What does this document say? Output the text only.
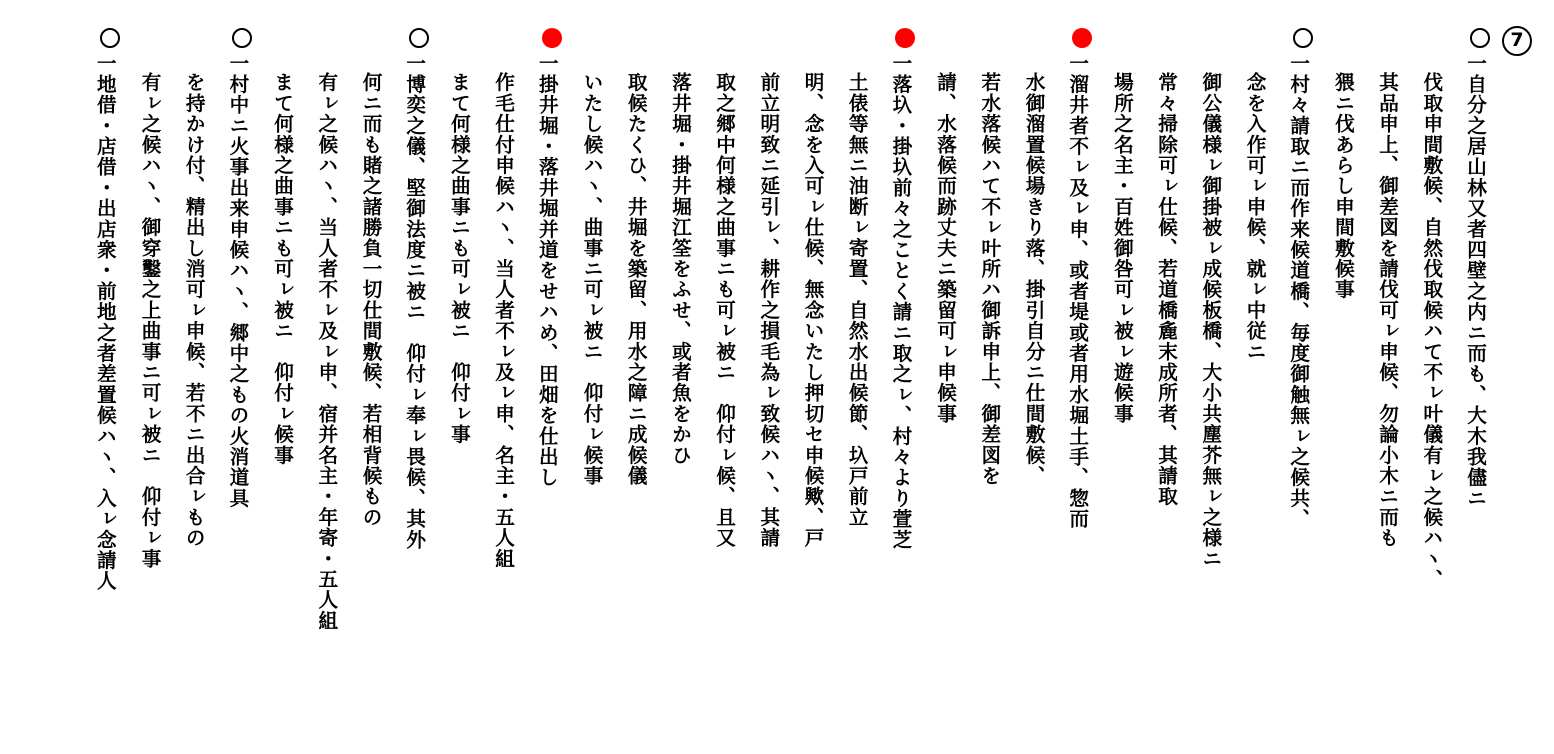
7
一自分之居山林又者四壁之内ニ而も、大木我儘ニ
伐取申間敷候、自然伐取候ハて不ㇾ叶儀有ㇾ之候ハヽ、
其品申上、御差図を請伐可ㇾ申候、勿論小木ニ而も
猥ニ伐あらし申間敷候事
一村々請取ニ而作来候道橋、毎度御触無ㇾ之候共、
念を入作可ㇾ申候、就ㇾ中従ニ
御公儀様ㇾ御掛被ㇾ成候板橋、大小共塵芥無ㇾ之様ニ
常々掃除可ㇾ仕候、若道橋麁末成所者、其請取
場所之名主・百姓御咎可ㇾ被ㇾ遊候事
一溜井者不ㇾ及ㇾ申、或者堤或者用水堀土手、惣而
水御溜置候場きり落、掛引自分ニ仕間敷候、
若水落候ハて不ㇾ叶所ハ御訴申上、御差図を
請、水落候而跡丈夫ニ築留可ㇾ申候事
一落圦・掛圦前々之ことく請ニ取之ㇾ、村々より萱芝
土俵等無ニ油断ㇾ寄置、自然水出候節、圦戸前立
明、念を入可ㇾ仕候、無念いたし押切セ申候歟、戸
前立明致ニ延引ㇾ、耕作之損毛為ㇾ致候ハヽ、其請
取之郷中何様之曲事ニも可ㇾ被ニ　仰付ㇾ候、且又
落井堀・掛井堀江筌をふせ、或者魚をかひ
取候たくひ、井堀を築留、用水之障ニ成候儀
いたし候ハヽ、曲事ニ可ㇾ被ニ　仰付ㇾ候事
一掛井堀・落井堀并道をせハめ、田畑を仕出し
作毛仕付申候ハヽ、当人者不ㇾ及ㇾ申、名主・五人組
まて何様之曲事ニも可ㇾ被ニ　仰付ㇾ事
一博奕之儀、堅御法度ニ被ニ　仰付ㇾ奉ㇾ畏候、其外
何ニ而も賭之諸勝負一切仕間敷候、若相背候もの
有ㇾ之候ハヽ、当人者不ㇾ及ㇾ申、宿并名主・年寄・五人組
まて何様之曲事ニも可ㇾ被ニ　仰付ㇾ候事
一村中ニ火事出来申候ハヽ、郷中之もの火消道具
を持かけ付、精出し消可ㇾ申候、若不ニ出合ㇾもの
有ㇾ之候ハヽ、御穿鑿之上曲事ニ可ㇾ被ニ　仰付ㇾ事
一地借・店借・出店衆・前地之者差置候ハヽ、入ㇾ念請人
